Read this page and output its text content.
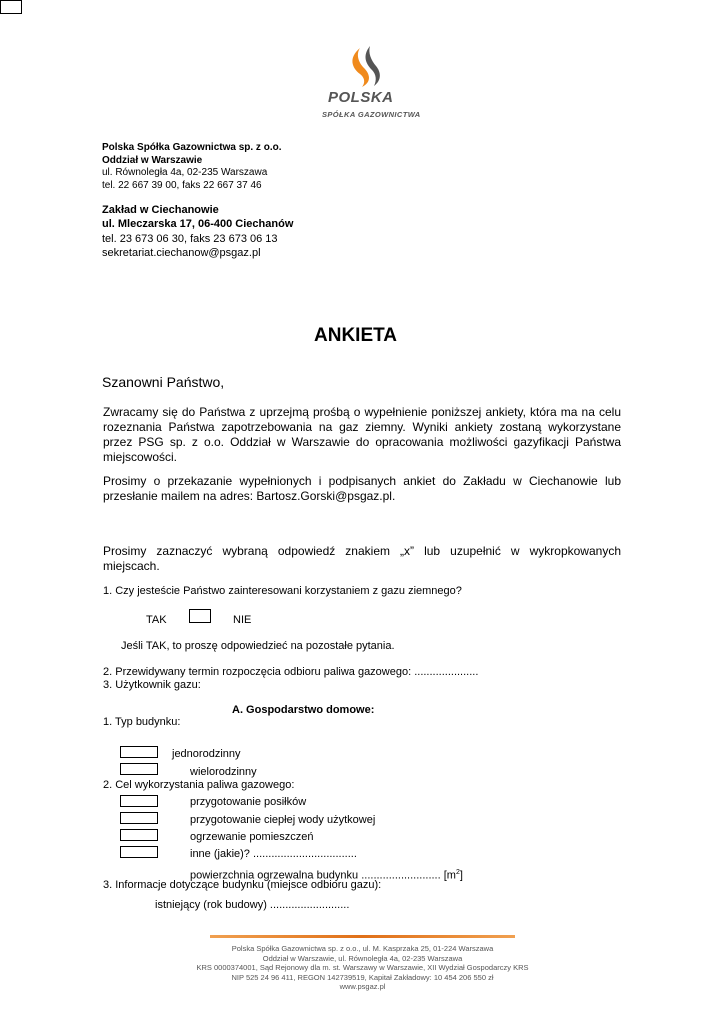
POLSKA
SPÓŁKA GAZOWNICTWA
Polska Spółka Gazownictwa sp. z o.o.
Oddział w Warszawie
ul. Równoległa 4a, 02-235 Warszawa
tel. 22 667 39 00, faks 22 667 37 46
Zakład w Ciechanowie
ul. Mleczarska 17, 06-400 Ciechanów
tel. 23 673 06 30, faks 23 673 06 13
sekretariat.ciechanow@psgaz.pl
ANKIETA
Szanowni Państwo,
Zwracamy się do Państwa z uprzejmą prośbą o wypełnienie poniższej ankiety, która ma na celu
rozeznania Państwa zapotrzebowania na gaz ziemny. Wyniki ankiety zostaną wykorzystane
przez PSG sp. z o.o. Oddział w Warszawie do opracowania możliwości gazyfikacji Państwa
miejscowości.
Prosimy o przekazanie wypełnionych i podpisanych ankiet do Zakładu w Ciechanowie lub
przesłanie mailem na adres: Bartosz.Gorski@psgaz.pl.
Prosimy zaznaczyć wybraną odpowiedź znakiem „x” lub uzupełnić w wykropkowanych
miejscach.
1. Czy jesteście Państwo zainteresowani korzystaniem z gazu ziemnego?
TAK	NIE
Jeśli TAK, to proszę odpowiedzieć na pozostałe pytania.
2. Przewidywany termin rozpoczęcia odbioru paliwa gazowego: .....................
3. Użytkownik gazu:
A. Gospodarstwo domowe:
1. Typ budynku:
jednorodzinny
wielorodzinny
2. Cel wykorzystania paliwa gazowego:
przygotowanie posiłków
przygotowanie ciepłej wody użytkowej
ogrzewanie pomieszczeń
inne (jakie)? ..................................
powierzchnia ogrzewalna budynku .......................... $[m^2]$
3. Informacje dotyczące budynku (miejsce odbioru gazu):
istniejący (rok budowy) ..........................
Polska Spółka Gazownictwa sp. z o.o., ul. M. Kasprzaka 25, 01-224 Warszawa
Oddział w Warszawie, ul. Równoległa 4a, 02-235 Warszawa
KRS 0000374001, Sąd Rejonowy dla m. st. Warszawy w Warszawie, XII Wydział Gospodarczy KRS
NIP 525 24 96 411, REGON 142739519, Kapitał Zakładowy: 10 454 206 550 zł
www.psgaz.pl
